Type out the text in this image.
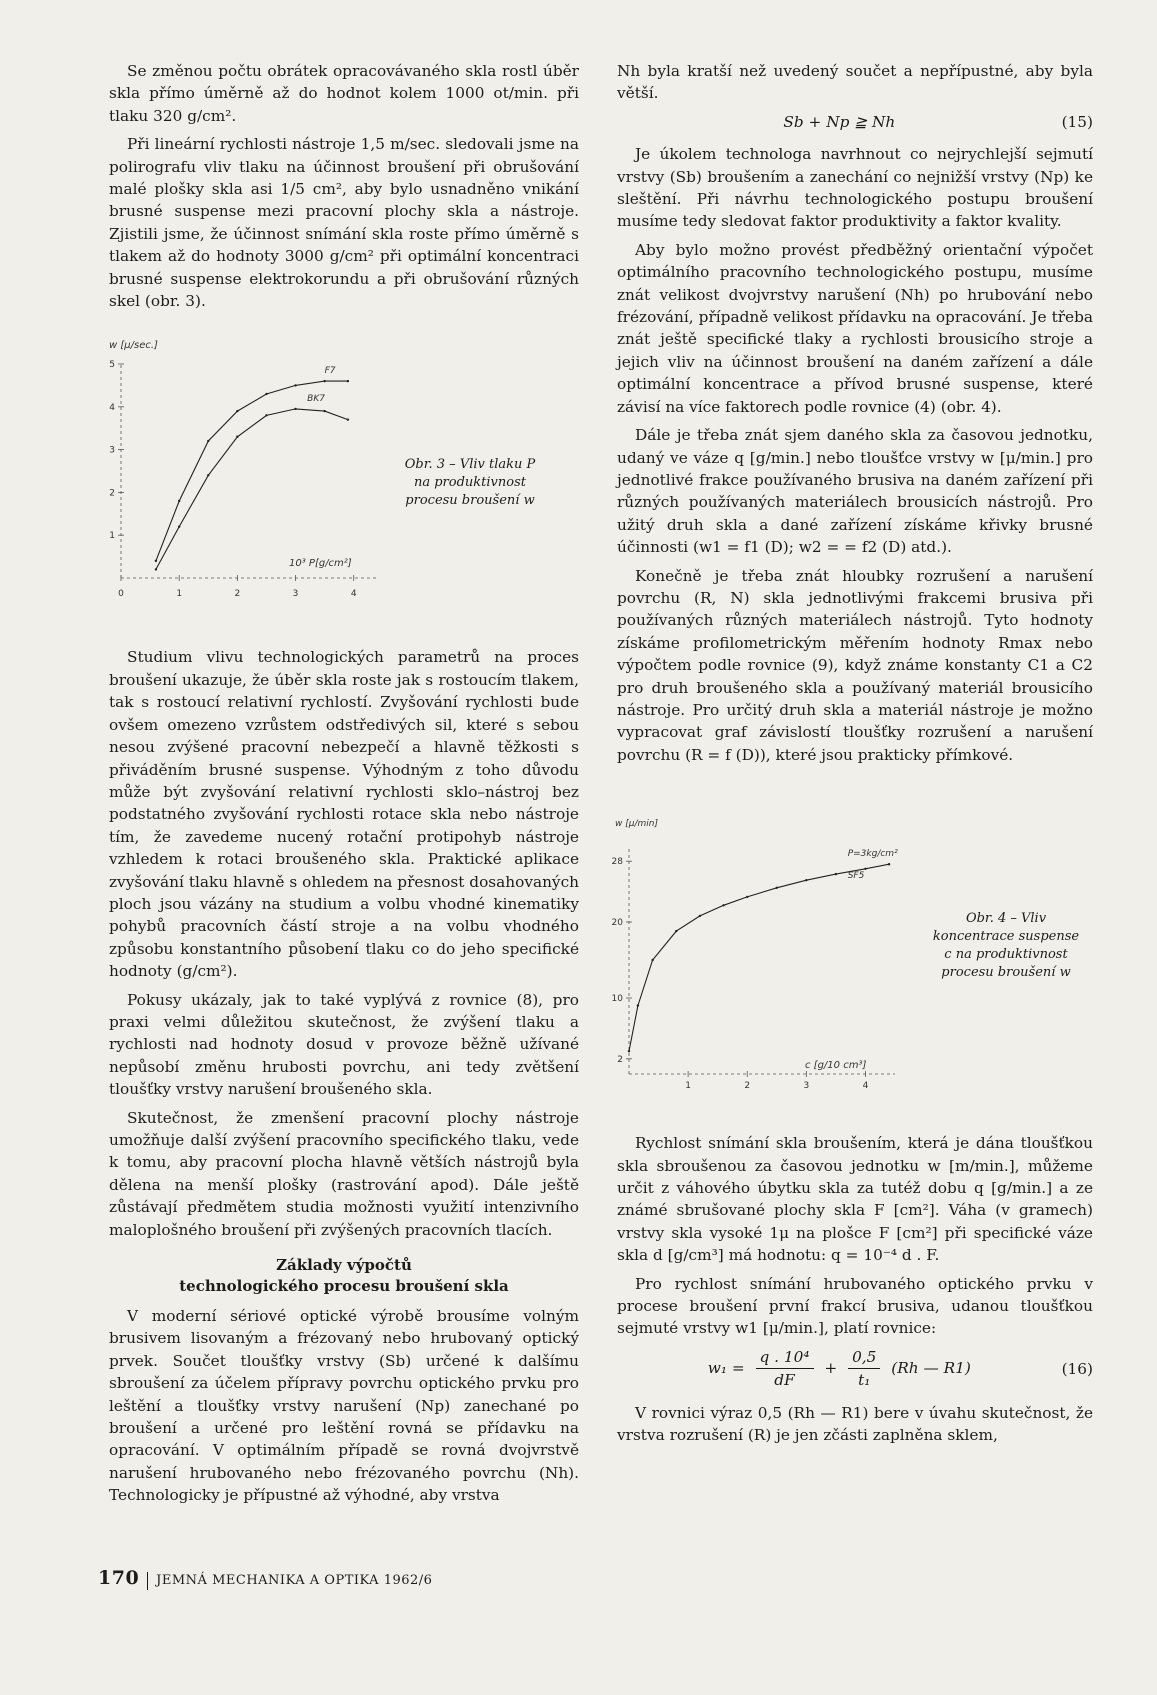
Se změnou počtu obrátek opracovávaného skla rostl úběr skla přímo úměrně až do hodnot kolem 1000 ot/min. při tlaku 320 g/cm².

Při lineární rychlosti nástroje 1,5 m/sec. sledovali jsme na polirografu vliv tlaku na účinnost broušení při obrušování malé plošky skla asi 1/5 cm², aby bylo usnadněno vnikání brusné suspense mezi pracovní plochy skla a nástroje. Zjistili jsme, že účinnost snímání skla roste přímo úměrně s tlakem až do hodnoty 3000 g/cm² při optimální koncentraci brusné suspense elektrokorundu a při obrušování různých skel (obr. 3).

1
2
3
4
5
0	1	2	3	4
w [μ/sec.]
10³ P[g/cm²]
F7
BK7
Obr. 3 – Vliv tlaku P na produktivnost procesu broušení w

Studium vlivu technologických parametrů na proces broušení ukazuje, že úběr skla roste jak s rostoucím tlakem, tak s rostoucí relativní rychlostí. Zvyšování rychlosti bude ovšem omezeno vzrůstem odstředivých sil, které s sebou nesou zvýšené pracovní nebezpečí a hlavně těžkosti s přiváděním brusné suspense. Výhodným z toho důvodu může být zvyšování relativní rychlosti sklo–nástroj bez podstatného zvyšování rychlosti rotace skla nebo nástroje tím, že zavedeme nucený rotační protipohyb nástroje vzhledem k rotaci broušeného skla. Praktické aplikace zvyšování tlaku hlavně s ohledem na přesnost dosahovaných ploch jsou vázány na studium a volbu vhodné kinematiky pohybů pracovních částí stroje a na volbu vhodného způsobu konstantního působení tlaku co do jeho specifické hodnoty (g/cm²).

Pokusy ukázaly, jak to také vyplývá z rovnice (8), pro praxi velmi důležitou skutečnost, že zvýšení tlaku a rychlosti nad hodnoty dosud v provoze běžně užívané nepůsobí změnu hrubosti povrchu, ani tedy zvětšení tloušťky vrstvy narušení broušeného skla.

Skutečnost, že zmenšení pracovní plochy nástroje umožňuje další zvýšení pracovního specifického tlaku, vede k tomu, aby pracovní plocha hlavně větších nástrojů byla dělena na menší plošky (rastrování apod). Dále ještě zůstávají předmětem studia možnosti využití intenzivního maloplošného broušení při zvýšených pracovních tlacích.

Základy výpočtů
technologického procesu broušení skla

V moderní sériové optické výrobě brousíme volným brusivem lisovaným a frézovaný nebo hrubovaný optický prvek. Součet tloušťky vrstvy (Sb) určené k dalšímu sbroušení za účelem přípravy povrchu optického prvku pro leštění a tloušťky vrstvy narušení (Np) zanechané po broušení a určené pro leštění rovná se přídavku na opracování. V optimálním případě se rovná dvojvrstvě narušení hrubovaného nebo frézovaného povrchu (Nh). Technologicky je přípustné až výhodné, aby vrstva

Nh byla kratší než uvedený součet a nepřípustné, aby byla větší.

Sb + Np ≧ Nh	(15)

Je úkolem technologa navrhnout co nejrychlejší sejmutí vrstvy (Sb) broušením a zanechání co nejnižší vrstvy (Np) ke sleštění. Při návrhu technologického postupu broušení musíme tedy sledovat faktor produktivity a faktor kvality.

Aby bylo možno provést předběžný orientační výpočet optimálního pracovního technologického postupu, musíme znát velikost dvojvrstvy narušení (Nh) po hrubování nebo frézování, případně velikost přídavku na opracování. Je třeba znát ještě specifické tlaky a rychlosti brousicího stroje a jejich vliv na účinnost broušení na daném zařízení a dále optimální koncentrace a přívod brusné suspense, které závisí na více faktorech podle rovnice (4) (obr. 4).

Dále je třeba znát sjem daného skla za časovou jednotku, udaný ve váze q [g/min.] nebo tloušťce vrstvy w [μ/min.] pro jednotlivé frakce používaného brusiva na daném zařízení při různých používaných materiálech brousicích nástrojů. Pro užitý druh skla a dané zařízení získáme křivky brusné účinnosti (w1 = f1 (D); w2 = = f2 (D) atd.).

Konečně je třeba znát hloubky rozrušení a narušení povrchu (R, N) skla jednotlivými frakcemi brusiva při používaných různých materiálech nástrojů. Tyto hodnoty získáme profilometrickým měřením hodnoty Rmax nebo výpočtem podle rovnice (9), když známe konstanty C1 a C2 pro druh broušeného skla a používaný materiál brousicího nástroje. Pro určitý druh skla a materiál nástroje je možno vypracovat graf závislostí tloušťky rozrušení a narušení povrchu (R = f (D)), které jsou prakticky přímkové.

2
10
20
28
1	2	3	4
w [μ/min]
c [g/10 cm³]
P=3kg/cm²
SF5
Obr. 4 – Vliv koncentrace suspense c na produktivnost procesu broušení w

Rychlost snímání skla broušením, která je dána tloušťkou skla sbroušenou za časovou jednotku w [m/min.], můžeme určit z váhového úbytku skla za tutéž dobu q [g/min.] a ze známé sbrušované plochy skla F [cm²]. Váha (v gramech) vrstvy skla vysoké 1μ na plošce F [cm²] při specifické váze skla d [g/cm³] má hodnotu: q = 10⁻⁴ d . F.

Pro rychlost snímání hrubovaného optického prvku v procese broušení první frakcí brusiva, udanou tloušťkou sejmuté vrstvy w1 [μ/min.], platí rovnice:

$w_1 = \frac{\text{q . 10⁴}}{dF} + \frac{0,5}{\text{t₁}} (Rh$ — R1)	(16)

V rovnici výraz 0,5 (Rh — R1) bere v úvahu skutečnost, že vrstva rozrušení (R) je jen zčásti zaplněna sklem,

170 JEMNÁ MECHANIKA A OPTIKA 1962/6
